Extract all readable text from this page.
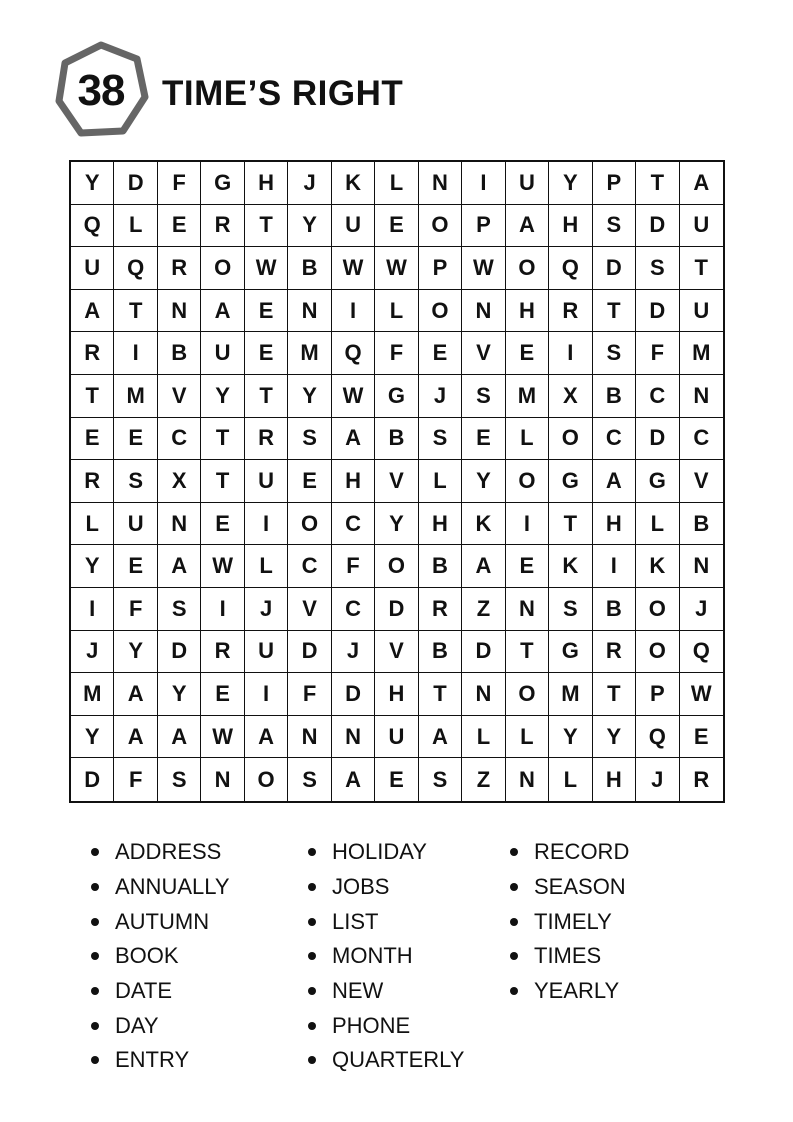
38	TIME’S RIGHT
Y	D	F	G	H	J	K	L	N	I	U	Y	P	T	A
Q	L	E	R	T	Y	U	E	O	P	A	H	S	D	U
U	Q	R	O	W	B	W	W	P	W	O	Q	D	S	T
A	T	N	A	E	N	I	L	O	N	H	R	T	D	U
R	I	B	U	E	M	Q	F	E	V	E	I	S	F	M
T	M	V	Y	T	Y	W	G	J	S	M	X	B	C	N
E	E	C	T	R	S	A	B	S	E	L	O	C	D	C
R	S	X	T	U	E	H	V	L	Y	O	G	A	G	V
L	U	N	E	I	O	C	Y	H	K	I	T	H	L	B
Y	E	A	W	L	C	F	O	B	A	E	K	I	K	N
I	F	S	I	J	V	C	D	R	Z	N	S	B	O	J
J	Y	D	R	U	D	J	V	B	D	T	G	R	O	Q
M	A	Y	E	I	F	D	H	T	N	O	M	T	P	W
Y	A	A	W	A	N	N	U	A	L	L	Y	Y	Q	E
D	F	S	N	O	S	A	E	S	Z	N	L	H	J	R
ADDRESS
ANNUALLY
AUTUMN
BOOK
DATE
DAY
ENTRY
HOLIDAY
JOBS
LIST
MONTH
NEW
PHONE
QUARTERLY
RECORD
SEASON
TIMELY
TIMES
YEARLY
